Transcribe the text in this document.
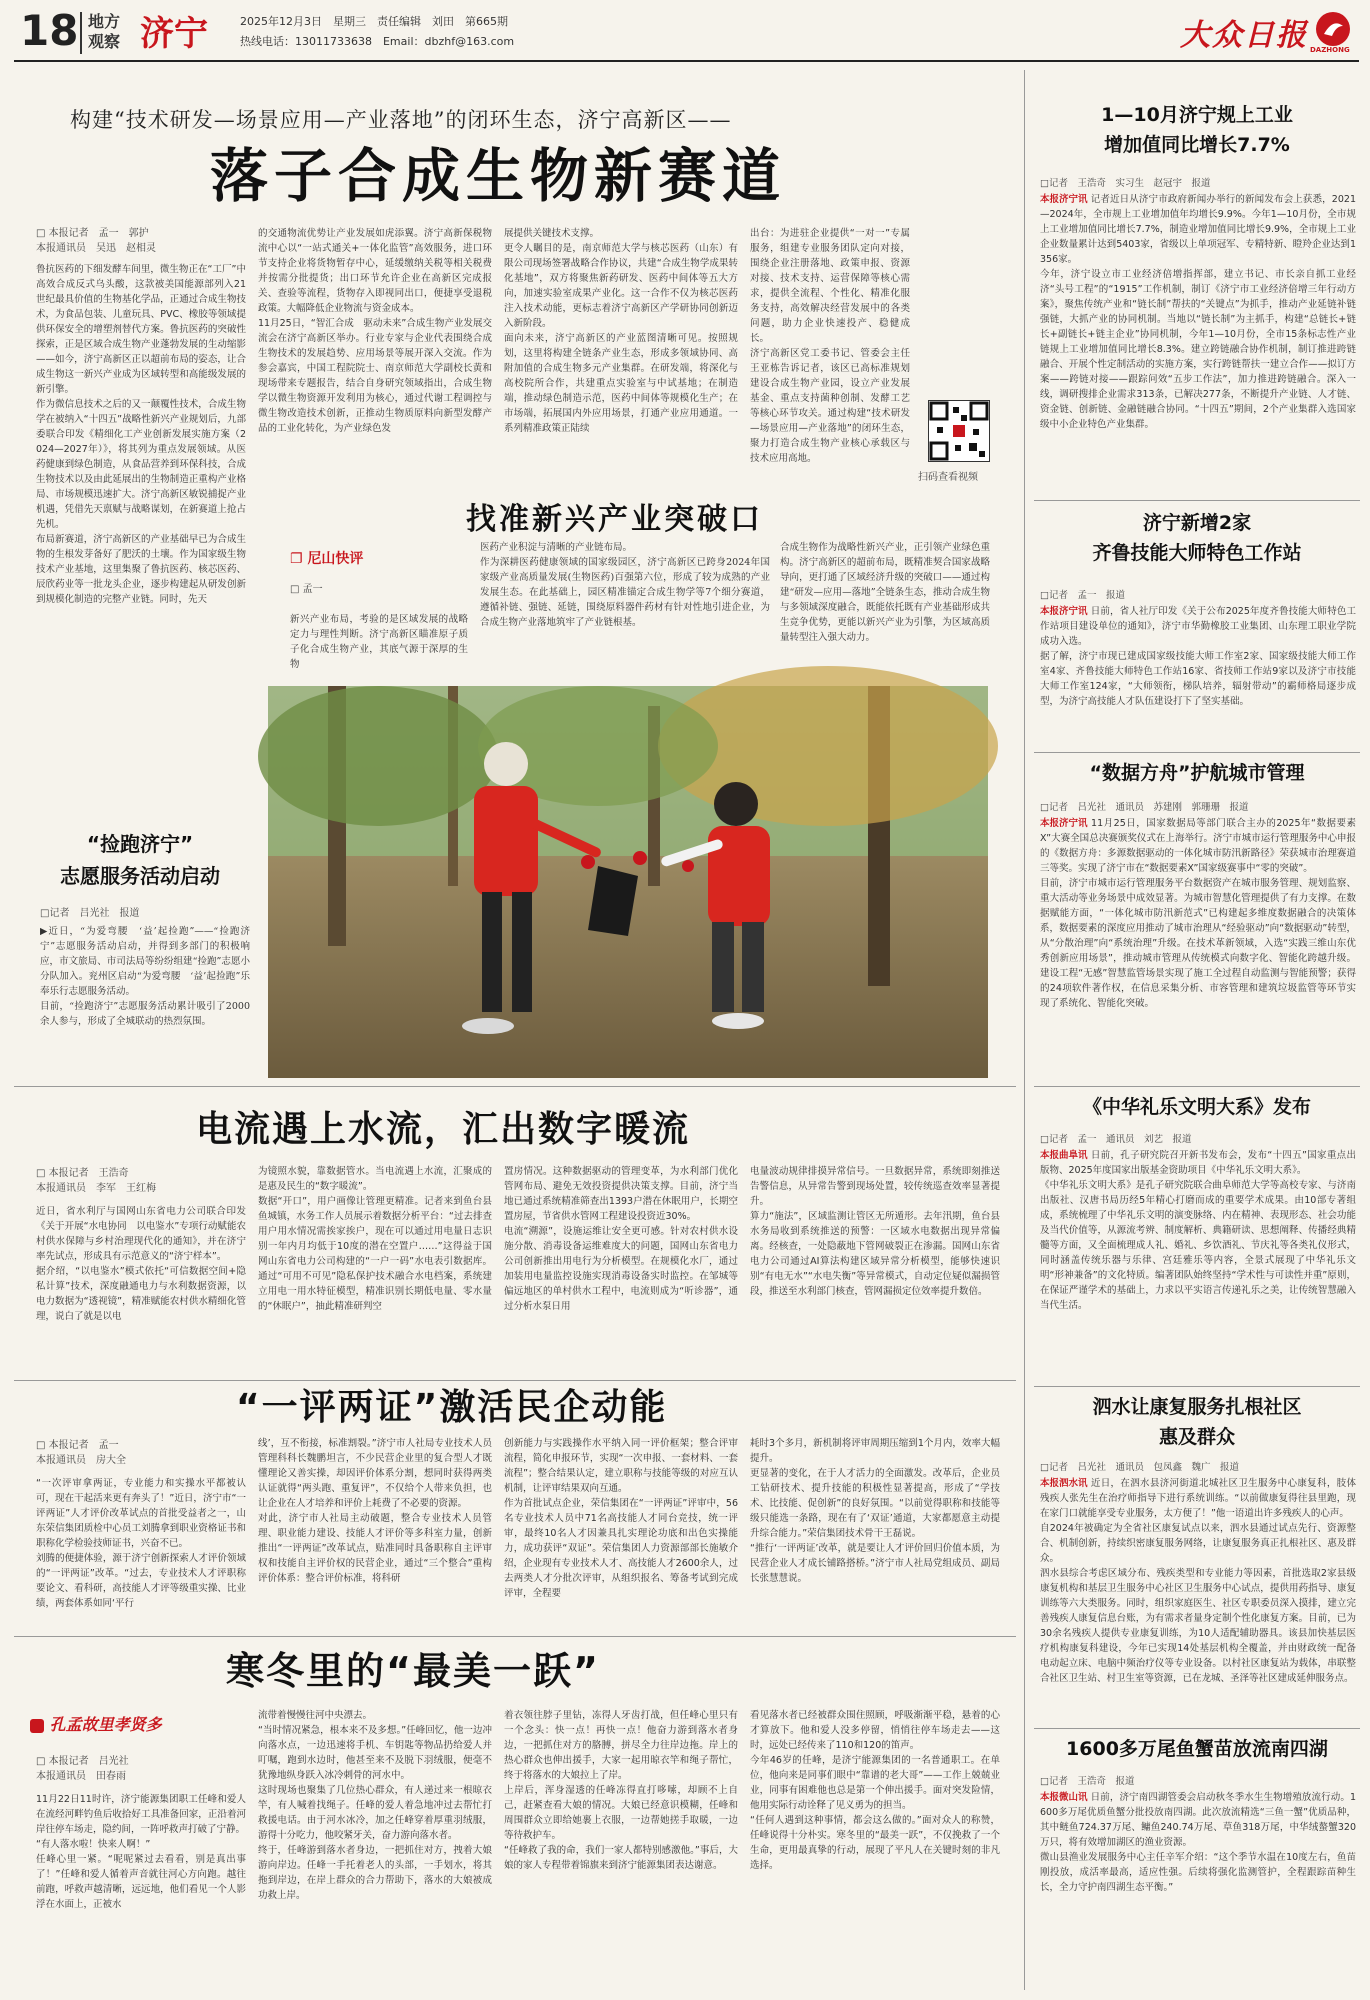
18 地方
观察 济宁	2025年12月3日　星期三　责任编辑　刘田　第665期
热线电话：13011733638　Email：dbzhf@163.com	大众日报 DAZHONG
构建“技术研发—场景应用—产业落地”的闭环生态，济宁高新区——
落子合成生物新赛道
□ 本报记者　孟一　郭护
本报通讯员　吴迅　赵相灵
鲁抗医药的下细发酵车间里，微生物正在“工厂”中高效合成反式乌头酸，这款被美国能源部列入21世纪最具价值的生物基化学品，正通过合成生物技术，为食品包装、儿童玩具、PVC、橡胶等领域提供环保安全的增塑剂替代方案。鲁抗医药的突破性探索，正是区域合成生物产业蓬勃发展的生动缩影——如今，济宁高新区正以超前布局的姿态，让合成生物这一新兴产业成为区域转型和高能级发展的新引擎。
作为微信息技术之后的又一颠覆性技术，合成生物学在被纳入“十四五”战略性新兴产业规划后，九部委联合印发《精细化工产业创新发展实施方案（2024—2027年）》，将其列为重点发展领域。从医药健康到绿色制造，从食品营养到环保科技，合成生物技术以及由此延展出的生物制造正重构产业格局、市场规模迅速扩大。济宁高新区敏锐捕捉产业机遇，凭借先天禀赋与战略谋划，在新赛道上抢占先机。
布局新赛道，济宁高新区的产业基础早已为合成生物的生根发芽备好了肥沃的土壤。作为国家级生物技术产业基地，这里集聚了鲁抗医药、核芯医药、辰欣药业等一批龙头企业，逐步构建起从研发创新到规模化制造的完整产业链。同时，先天
的交通物流优势让产业发展如虎添翼。济宁高新保税物流中心以“一站式通关+一体化监管”高效服务，进口环节支持企业将货物暂存中心，延缓缴纳关税等相关税费并按需分批提货；出口环节允许企业在高新区完成报关、查验等流程，货物存入即视同出口，便捷享受退税政策。大幅降低企业物流与资金成本。
11月25日，“智汇合成　驱动未来”合成生物产业发展交流会在济宁高新区举办。行业专家与企业代表围绕合成生物技术的发展趋势、应用场景等展开深入交流。作为参会嘉宾，中国工程院院士、南京师范大学副校长黄和现场带来专题报告，结合自身研究领域指出，合成生物学以微生物资源开发利用为核心，通过代谢工程调控与微生物改造技术创新，正推动生物质原料向新型发酵产品的工业化转化，为产业绿色发
展提供关键技术支撑。
更令人瞩目的是，南京师范大学与核芯医药（山东）有限公司现场签署战略合作协议，共建“合成生物学成果转化基地”，双方将聚焦新药研发、医药中间体等五大方向，加速实验室成果产业化。这一合作不仅为核芯医药注入技术动能，更标志着济宁高新区产学研协同创新迈入新阶段。
面向未来，济宁高新区的产业蓝图清晰可见。按照规划，这里将构建全链条产业生态，形成多领域协同、高附加值的合成生物多元产业集群。在研发端，将深化与高校院所合作，共建重点实验室与中试基地；在制造端，推动绿色制造示范，医药中间体等规模化生产；在市场端，拓展国内外应用场景，打通产业应用通道。一系列精准政策正陆续
出台：为进驻企业提供“一对一”专属服务，组建专业服务团队定向对接，围绕企业注册落地、政策申报、资源对接、技术支持、运营保障等核心需求，提供全流程、个性化、精准化服务支持，高效解决经营发展中的各类问题，助力企业快速投产、稳健成长。
济宁高新区党工委书记、管委会主任王亚栋告诉记者，该区已高标准规划建设合成生物产业园，设立产业发展基金、重点支持菌种创制、发酵工艺等核心环节攻关。通过构建“技术研发—场景应用—产业落地”的闭环生态，聚力打造合成生物产业核心承载区与技术应用高地。
扫码查看视频
找准新兴产业突破口
❐ 尼山快评
□ 孟一
新兴产业布局，考验的是区域发展的战略定力与理性判断。济宁高新区瞄准原子质子化合成生物产业，其底气源于深厚的生物
医药产业积淀与清晰的产业链布局。
作为深耕医药健康领域的国家级园区，济宁高新区已跨身2024年国家级产业高质量发展(生物医药)百强第六位，形成了较为成熟的产业发展生态。在此基础上，园区精准锚定合成生物学等7个细分赛道，遵循补链、强链、延链，围绕原料器件药材有针对性地引进企业，为合成生物产业落地筑牢了产业链根基。
合成生物作为战略性新兴产业，正引领产业绿色重构。济宁高新区的超前布局，既精准契合国家战略导向，更打通了区域经济升级的突破口——通过构建“研发—应用—落地”全链条生态，推动合成生物与多领域深度融合，既能依托既有产业基础形成共生竞争优势，更能以新兴产业为引擎，为区域高质量转型注入强大动力。
“捡跑济宁”
志愿服务活动启动
□记者　吕光社　报道
▶近日，“为爱弯腰　‘益’起捡跑”——“捡跑济宁”志愿服务活动启动，并得到多部门的积极响应，市文旅局、市司法局等纷纷组建“捡跑”志愿小分队加入。兖州区启动“为爱弯腰　‘益’起捡跑”乐奉乐行志愿服务活动。
目前，“捡跑济宁”志愿服务活动累计吸引了2000余人参与，形成了全城联动的热烈氛围。
电流遇上水流，汇出数字暖流
□ 本报记者　王浩奇
本报通讯员　李军　王红梅
近日，省水利厅与国网山东省电力公司联合印发《关于开展“水电协同　以电鉴水”专项行动赋能农村供水保障与乡村治理现代化的通知》，并在济宁率先试点，形成具有示范意义的“济宁样本”。
据介绍，“以电鉴水”模式依托“可信数据空间+隐私计算”技术，深度融通电力与水利数据资源，以电力数据为“透视镜”，精准赋能农村供水精细化管理，说白了就是以电
为镜照水貌，靠数据管水。当电流遇上水流，汇聚成的是惠及民生的“数字暖流”。
数据“开口”，用户画像让管理更精准。记者来到鱼台县鱼城镇，水务工作人员展示着数据分析平台：“过去排查用户用水情况需挨家挨户，现在可以通过用电量日志识别一年内月均低于10度的潜在空置户……”这得益于国网山东省电力公司构建的“一户一码”水电表引数据库。通过“可用不可见”隐私保护技术融合水电档案，系统建立用电一用水特征模型，精准识别长期低电量、零水量的“休眠户”，抽此精准研判空
置房情况。这种数据驱动的管理变革，为水利部门优化管网布局、避免无效投资提供决策支撑。目前，济宁当地已通过系统精准筛查出1393户潜在休眠用户，长期空置房屋，节省供水管网工程建设投资近30%。
电流“溯源”，设施运维让安全更可感。针对农村供水设施分散、消毒设备运维难度大的问题，国网山东省电力公司创新推出用电行为分析模型。在规模化水厂，通过加装用电量监控设施实现消毒设备实时监控。在邹城等偏远地区的单村供水工程中，电流则成为“听诊器”，通过分析水泵日用
电量波动规律排摸异常信号。一旦数据异常，系统即刻推送告警信息，从异常告警到现场处置，较传统巡查效率显著提升。
算力“施法”，区域监测让管区无所遁形。去年汛期，鱼台县水务局收到系统推送的预警：一区域水电数据出现异常偏离。经核查，一处隐蔽地下管网破裂正在渗漏。国网山东省电力公司通过AI算法构建区域异常分析模型，能够快速识别“有电无水”“水电失衡”等异常模式，自动定位疑似漏损管段，推送至水利部门核查，管网漏损定位效率提升数倍。
“一评两证”激活民企动能
□ 本报记者　孟一
本报通讯员　房大全
“一次评审拿两证，专业能力和实操水平都被认可，现在干起活来更有奔头了！”近日，济宁市“一评两证”人才评价改革试点的首批受益者之一，山东荣信集团质检中心员工刘腾拿到职业资格证书和职称化学检验技师证书，兴奋不已。
刘腾的便捷体验，源于济宁创新探索人才评价领域的“一评两证”改革。“过去，专业技术人才评职称要论文、看科研，高技能人才评等级重实操、比业绩，两套体系如同‘平行
线’，互不衔接，标准割裂。”济宁市人社局专业技术人员管理科科长魏鹏坦言，不少民营企业里的复合型人才既懂理论又善实操，却因评价体系分割，想同时获得两类认证就得“两头跑、重复评”，不仅给个人带来负担，也让企业在人才培养和评价上耗费了不必要的资源。
对此，济宁市人社局主动破题，整合专业技术人员管理、职业能力建设、技能人才评价等多科室力量，创新推出“一评两证”改革试点，贴准同时具备职称自主评审权和技能自主评价权的民营企业，通过“三个整合”重构评价体系：整合评价标准，将科研
创新能力与实践操作水平纳入同一评价框架；整合评审流程，简化申报环节，实现“一次申报、一套材料、一套流程”；整合结果认定，建立职称与技能等级的对应互认机制，让评审结果双向互通。
作为首批试点企业，荣信集团在“一评两证”评审中，56名专业技术人员中71名高技能人才同台竞技，统一评审，最终10名人才因兼具扎实理论功底和出色实操能力，成功获评“双证”。荣信集团人力资源部部长施敏介绍，企业现有专业技术人才、高技能人才2600余人，过去两类人才分批次评审，从组织报名、筹备考试到完成评审，全程要
耗时3个多月，新机制将评审周期压缩到1个月内，效率大幅提升。
更显著的变化，在于人才活力的全面激发。改革后，企业员工钻研技术、提升技能的积极性显著提高，形成了“学技术、比技能、促创新”的良好氛围。“以前觉得职称和技能等级只能选一条路，现在有了‘双证’通道，大家都愿意主动提升综合能力。”荣信集团技术骨干王磊说。
“推行‘一评两证’改革，就是要让人才评价回归价值本质，为民营企业人才成长铺路搭桥。”济宁市人社局党组成员、副局长张慧慧说。
寒冬里的“最美一跃”
孔孟故里孝贤多
□ 本报记者　吕光社
本报通讯员　田春雨
11月22日11时许，济宁能源集团职工任峰和爱人在流经河畔钓鱼后收拾好工具准备回家，正沿着河岸往停车场走，隐约间，一阵呼救声打破了宁静。
“有人落水啦！快来人啊！”
任峰心里一紧。“呢呢紧过去看看，别是真出事了！”任峰和爱人循着声音就往河心方向跑。越往前跑，呼救声越清晰，远远地，他们看见一个人影浮在水面上，正被水
流带着慢慢往河中央漂去。
“当时情况紧急，根本来不及多想。”任峰回忆，他一边冲向落水点，一边迅速将手机、车钥匙等物品扔给爱人并叮嘱，跑到水边时，他甚至来不及脱下羽绒服，便毫不犹豫地纵身跃入冰冷刺骨的河水中。
这时现场也聚集了几位热心群众，有人递过来一根晾衣竿，有人喊着找绳子。任峰的爱人着急地冲过去帮忙打救援电话。由于河水冰冷，加之任峰穿着厚重羽绒服，游得十分吃力，他咬紧牙关，奋力游向落水者。
终于，任峰游到落水者身边，一把抓住对方，拽着大娘游向岸边。任峰一手托着老人的头部，一手划水，将其拖到岸边，在岸上群众的合力帮助下，落水的大娘被成功救上岸。
着衣领往脖子里钻，冻得人牙齿打战，但任峰心里只有一个念头：快一点！再快一点！他奋力游到落水者身边，一把抓住对方的胳膊，拼尽全力往岸边拖。岸上的热心群众也伸出援手，大家一起用晾衣竿和绳子帮忙，终于将落水的大娘拉上了岸。
上岸后，浑身湿透的任峰冻得直打哆嗦，却顾不上自己，赶紧查看大娘的情况。大娘已经意识模糊，任峰和周围群众立即给她裹上衣服，一边帮她搓手取暖，一边等待救护车。
“任峰救了我的命，我们一家人都特别感激他。”事后，大娘的家人专程带着锦旗来到济宁能源集团表达谢意。
看见落水者已经被群众围住照顾，呼吸渐渐平稳，悬着的心才算放下。他和爱人没多停留，悄悄往停车场走去——这时，远处已经传来了110和120的笛声。
今年46岁的任峰，是济宁能源集团的一名普通职工。在单位，他向来是同事们眼中“靠谱的老大哥”——工作上兢兢业业，同事有困难他也总是第一个伸出援手。面对突发险情，他用实际行动诠释了见义勇为的担当。
“任何人遇到这种事情，都会这么做的。”面对众人的称赞，任峰说得十分朴实。寒冬里的“最美一跃”，不仅挽救了一个生命，更用最真挚的行动，展现了平凡人在关键时刻的非凡选择。
1—10月济宁规上工业
增加值同比增长7.7%
□记者　王浩奇　实习生　赵冠宇　报道
本报济宁讯 记者近日从济宁市政府新闻办举行的新闻发布会上获悉，2021—2024年，全市规上工业增加值年均增长9.9%。今年1—10月份，全市规上工业增加值同比增长7.7%，制造业增加值同比增长9.9%，全市规上工业企业数量累计达到5403家，省级以上单项冠军、专精特新、瞪羚企业达到1356家。
今年，济宁设立市工业经济倍增指挥部，建立书记、市长亲自抓工业经济“头号工程”的“1915”工作机制，制订《济宁市工业经济倍增三年行动方案》，聚焦传统产业和“链长制”帮扶的“关键点”为抓手，推动产业延链补链强链，大抓产业的协同机制。当地以“链长制”为主抓手，构建“总链长+链长+副链长+链主企业”协同机制，今年1—10月份，全市15条标志性产业链规上工业增加值同比增长8.3%。建立跨链融合协作机制，制订推进跨链融合、开展个性定制活动的实施方案，实行跨链帮扶一建立合作——拟订方案——跨链对接——跟踪问效“五步工作法”，加力推进跨链融合。深入一线，调研搜排企业需求313条，已解决277条，不断提升产业链、人才链、资金链、创新链、金融链融合协同。“十四五”期间，2个产业集群入选国家级中小企业特色产业集群。
济宁新增2家
齐鲁技能大师特色工作站
□记者　孟一　报道
本报济宁讯 日前，省人社厅印发《关于公布2025年度齐鲁技能大师特色工作站项目建设单位的通知》，济宁市华勤橡胶工业集团、山东理工职业学院成功入选。
据了解，济宁市现已建成国家级技能大师工作室2家、国家级技能大师工作室4家、齐鲁技能大师特色工作站16家、省技师工作站9家以及济宁市技能大师工作室124家，“大师领衔，梯队培养，辐射带动”的霸师格局逐步成型，为济宁高技能人才队伍建设打下了坚实基础。
“数据方舟”护航城市管理
□记者　吕光社　通讯员　苏建刚　郭珊珊　报道
本报济宁讯 11月25日，国家数据局等部门联合主办的2025年“数据要素X”大赛全国总决赛颁奖仪式在上海举行。济宁市城市运行管理服务中心申报的《数据方舟：多源数据驱动的一体化城市防汛新路径》荣获城市治理赛道三等奖。实现了济宁市在“数据要素X”国家级赛事中“零的突破”。
目前，济宁市城市运行管理服务平台数据资产在城市服务管理、规划监察、重大活动等业务场景中成效显著。为城市智慧化管理提供了有力支撑。在数据赋能方面，“一体化城市防汛新范式”已构建起多维度数据融合的决策体系，数据要素的深度应用推动了城市治理从“经验驱动”向“数据驱动”转型，从“分散治理”向“系统治理”升级。在技术革新领域，入选“实践三维山东优秀创新应用场景”，推动城市管理从传统模式向数字化、智能化跨越升级。建设工程“无感”智慧监管场景实现了施工全过程自动监测与智能预警；获得的24项软件著作权，在信息采集分析、市容管理和建筑垃圾监管等环节实现了系统化、智能化突破。
《中华礼乐文明大系》发布
□记者　孟一　通讯员　刘艺　报道
本报曲阜讯 日前，孔子研究院召开新书发布会，发布“十四五”国家重点出版物、2025年度国家出版基金资助项目《中华礼乐文明大系》。
《中华礼乐文明大系》是孔子研究院联合曲阜师范大学等高校专家、与济南出版社、汉唐书局历经5年精心打磨而成的重要学术成果。由10部专著组成，系统梳理了中华礼乐文明的演变脉络、内在精神、表现形态、社会功能及当代价值等，从源流考辨、制度解析、典籍研读、思想阐释、传播经典精髓等方面，又全面梳理成人礼、婚礼、乡饮酒礼、节庆礼等各类礼仪形式，同时涵盖传统乐器与乐律、宫廷雅乐等内容，全景式展现了中华礼乐文明“形神兼备”的文化特质。编著团队始终坚持“学术性与可读性并重”原则，在保证严谨学术的基础上，力求以平实语言传递礼乐之美，让传统智慧融入当代生活。
泗水让康复服务扎根社区
惠及群众
□记者　吕光社　通讯员　包凤鑫　魏广　报道
本报泗水讯 近日，在泗水县济河街道北城社区卫生服务中心康复科，肢体残疾人张先生在治疗师指导下进行系统训练。“以前做康复得往县里跑，现在家门口就能享受专业服务，太方便了！”他一语道出许多残疾人的心声。
自2024年被确定为全省社区康复试点以来，泗水县通过试点先行、资源整合、机制创新，持续织密康复服务网络，让康复服务真正扎根社区、惠及群众。
泗水县综合考虑区域分布、残疾类型和专业能力等因素，首批选取2家县级康复机构和基层卫生服务中心社区卫生服务中心试点，提供用药指导、康复训练等六大类服务。同时，组织家庭医生、社区专职委员深入摸排，建立完善残疾人康复信息台账，为有需求者量身定制个性化康复方案。目前，已为30余名残疾人提供专业康复训练，为10人适配辅助器具。该县加快基层医疗机构康复科建设，今年已实现14处基层机构全覆盖，并由财政统一配备电动起立床、电脑中频治疗仪等专业设备。以村社区康复站为载体，串联整合社区卫生站、村卫生室等资源，已在龙城、圣泽等社区建成延伸服务点。
1600多万尾鱼蟹苗放流南四湖
□记者　王浩奇　报道
本报微山讯 日前，济宁南四湖管委会启动秋冬季水生生物增殖放流行动。1600多万尾优质鱼蟹分批投放南四湖。此次放流精选“三鱼一蟹”优质品种，其中鲢鱼724.37万尾、鳙鱼240.74万尾、草鱼318万尾，中华绒螯蟹320万只，将有效增加湖区的渔业资源。
微山县渔业发展服务中心主任辛军介绍：“这个季节水温在10度左右，鱼苗刚投放，成活率最高，适应性强。后续将强化监测管护，全程跟踪苗种生长，全力守护南四湖生态平衡。”
